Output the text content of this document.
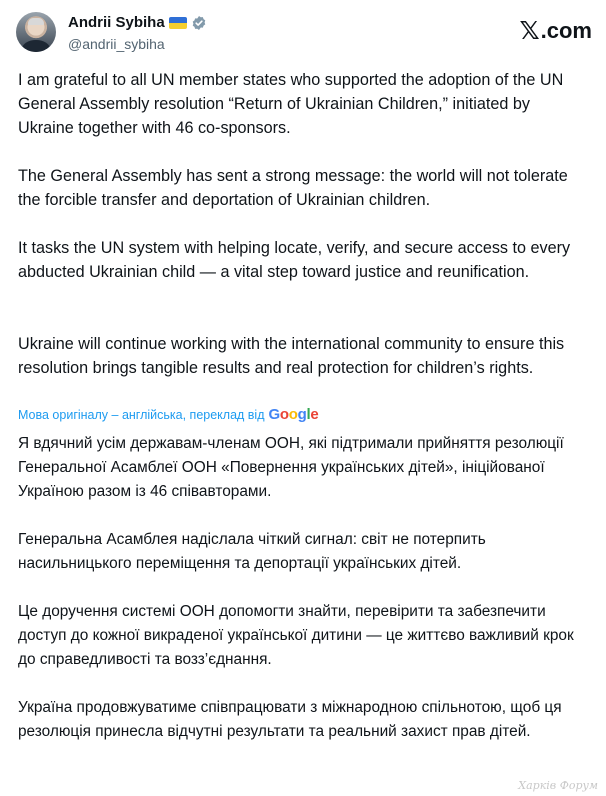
Andrii Sybiha
@andrii_sybiha	𝕏 .com

I am grateful to all UN member states who supported the adoption of the UN General Assembly resolution “Return of Ukrainian Children,” initiated by Ukraine together with 46 co-sponsors.

The General Assembly has sent a strong message: the world will not tolerate the forcible transfer and deportation of Ukrainian children.

It tasks the UN system with helping locate, verify, and secure access to every abducted Ukrainian child — a vital step toward justice and reunification.

Ukraine will continue working with the international community to ensure this resolution brings tangible results and real protection for children’s rights.

Мова оригіналу – англійська, переклад від Google

Я вдячний усім державам-членам ООН, які підтримали прийняття резолюції Генеральної Асамблеї ООН «Повернення українських дітей», ініційованої Україною разом із 46 співавторами.

Генеральна Асамблея надіслала чіткий сигнал: світ не потерпить насильницького переміщення та депортації українських дітей.

Це доручення системі ООН допомогти знайти, перевірити та забезпечити доступ до кожної викраденої української дитини — це життєво важливий крок до справедливості та возз’єднання.

Україна продовжуватиме співпрацювати з міжнародною спільнотою, щоб ця резолюція принесла відчутні результати та реальний захист прав дітей.

Харків Форум
